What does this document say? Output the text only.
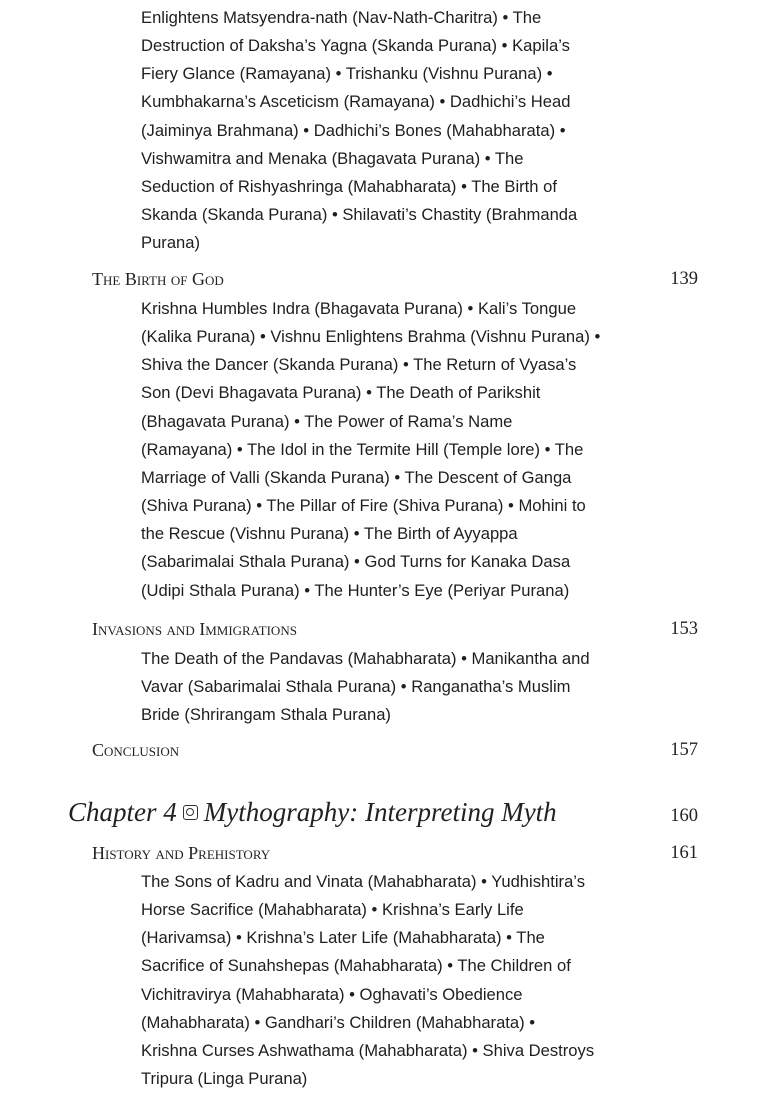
Enlightens Matsyendra-nath (Nav-Nath-Charitra) • The
Destruction of Daksha’s Yagna (Skanda Purana) • Kapila’s
Fiery Glance (Ramayana) • Trishanku (Vishnu Purana) •
Kumbhakarna’s Asceticism (Ramayana) • Dadhichi’s Head
(Jaiminya Brahmana) • Dadhichi’s Bones (Mahabharata) •
Vishwamitra and Menaka (Bhagavata Purana) • The
Seduction of Rishyashringa (Mahabharata) • The Birth of
Skanda (Skanda Purana) • Shilavati’s Chastity (Brahmanda
Purana)
The Birth of God	139
Krishna Humbles Indra (Bhagavata Purana) • Kali’s Tongue
(Kalika Purana) • Vishnu Enlightens Brahma (Vishnu Purana) •
Shiva the Dancer (Skanda Purana) • The Return of Vyasa’s
Son (Devi Bhagavata Purana) • The Death of Parikshit
(Bhagavata Purana) • The Power of Rama’s Name
(Ramayana) • The Idol in the Termite Hill (Temple lore) • The
Marriage of Valli (Skanda Purana) • The Descent of Ganga
(Shiva Purana) • The Pillar of Fire (Shiva Purana) • Mohini to
the Rescue (Vishnu Purana) • The Birth of Ayyappa
(Sabarimalai Sthala Purana) • God Turns for Kanaka Dasa
(Udipi Sthala Purana) • The Hunter’s Eye (Periyar Purana)
Invasions and Immigrations	153
The Death of the Pandavas (Mahabharata) • Manikantha and
Vavar (Sabarimalai Sthala Purana) • Ranganatha’s Muslim
Bride (Shrirangam Sthala Purana)
Conclusion	157
Chapter 4 Mythography: Interpreting Myth	160
History and Prehistory	161
The Sons of Kadru and Vinata (Mahabharata) • Yudhishtira’s
Horse Sacrifice (Mahabharata) • Krishna’s Early Life
(Harivamsa) • Krishna’s Later Life (Mahabharata) • The
Sacrifice of Sunahshepas (Mahabharata) • The Children of
Vichitravirya (Mahabharata) • Oghavati’s Obedience
(Mahabharata) • Gandhari’s Children (Mahabharata) •
Krishna Curses Ashwathama (Mahabharata) • Shiva Destroys
Tripura (Linga Purana)
